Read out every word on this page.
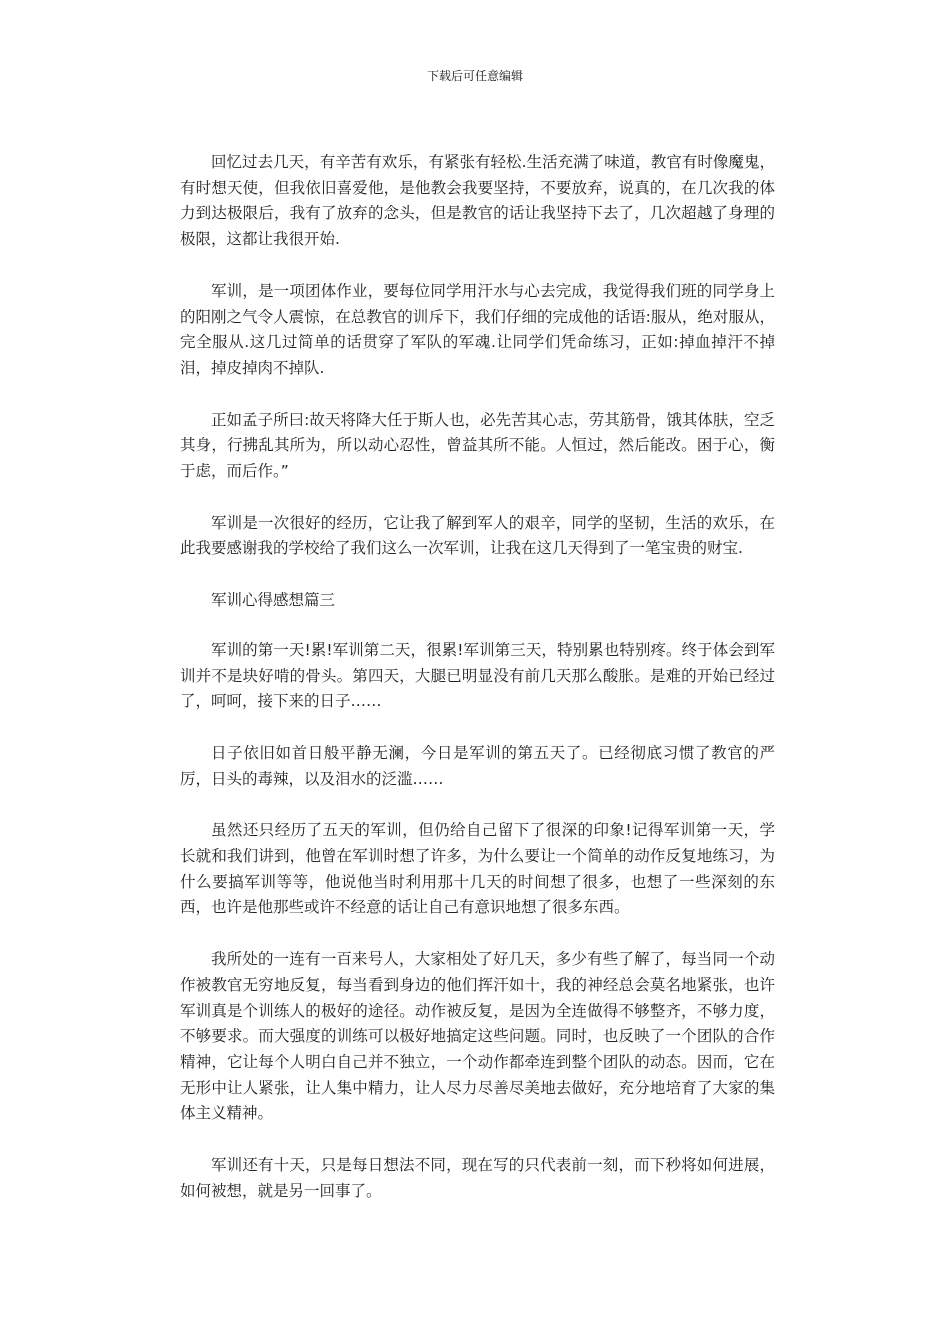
下载后可任意编辑

回忆过去几天，有辛苦有欢乐，有紧张有轻松.生活充满了味道，教官有时像魔鬼，有时想天使，但我依旧喜爱他，是他教会我要坚持，不要放弃，说真的，在几次我的体力到达极限后，我有了放弃的念头，但是教官的话让我坚持下去了，几次超越了身理的极限，这都让我很开始.

军训，是一项团体作业，要每位同学用汗水与心去完成，我觉得我们班的同学身上的阳刚之气令人震惊，在总教官的训斥下，我们仔细的完成他的话语:服从，绝对服从，完全服从.这几过简单的话贯穿了军队的军魂.让同学们凭命练习，正如:掉血掉汗不掉泪，掉皮掉肉不掉队.

正如孟子所曰:故天将降大任于斯人也，必先苦其心志，劳其筋骨，饿其体肤，空乏其身，行拂乱其所为，所以动心忍性，曾益其所不能。人恒过，然后能改。困于心，衡于虑，而后作。”

军训是一次很好的经历，它让我了解到军人的艰辛，同学的坚韧，生活的欢乐，在此我要感谢我的学校给了我们这么一次军训，让我在这几天得到了一笔宝贵的财宝.

军训心得感想篇三

军训的第一天!累!军训第二天，很累!军训第三天，特别累也特别疼。终于体会到军训并不是块好啃的骨头。第四天，大腿已明显没有前几天那么酸胀。是难的开始已经过了，呵呵，接下来的日子……

日子依旧如首日般平静无澜，今日是军训的第五天了。已经彻底习惯了教官的严厉，日头的毒辣，以及泪水的泛滥……

虽然还只经历了五天的军训，但仍给自己留下了很深的印象!记得军训第一天，学长就和我们讲到，他曾在军训时想了许多，为什么要让一个简单的动作反复地练习，为什么要搞军训等等，他说他当时利用那十几天的时间想了很多，也想了一些深刻的东西，也许是他那些或许不经意的话让自己有意识地想了很多东西。

我所处的一连有一百来号人，大家相处了好几天，多少有些了解了，每当同一个动作被教官无穷地反复，每当看到身边的他们挥汗如十，我的神经总会莫名地紧张，也许军训真是个训练人的极好的途径。动作被反复，是因为全连做得不够整齐，不够力度，不够要求。而大强度的训练可以极好地搞定这些问题。同时，也反映了一个团队的合作精神，它让每个人明白自己并不独立，一个动作都牵连到整个团队的动态。因而，它在无形中让人紧张，让人集中精力，让人尽力尽善尽美地去做好，充分地培育了大家的集体主义精神。

军训还有十天，只是每日想法不同，现在写的只代表前一刻，而下秒将如何进展，如何被想，就是另一回事了。
